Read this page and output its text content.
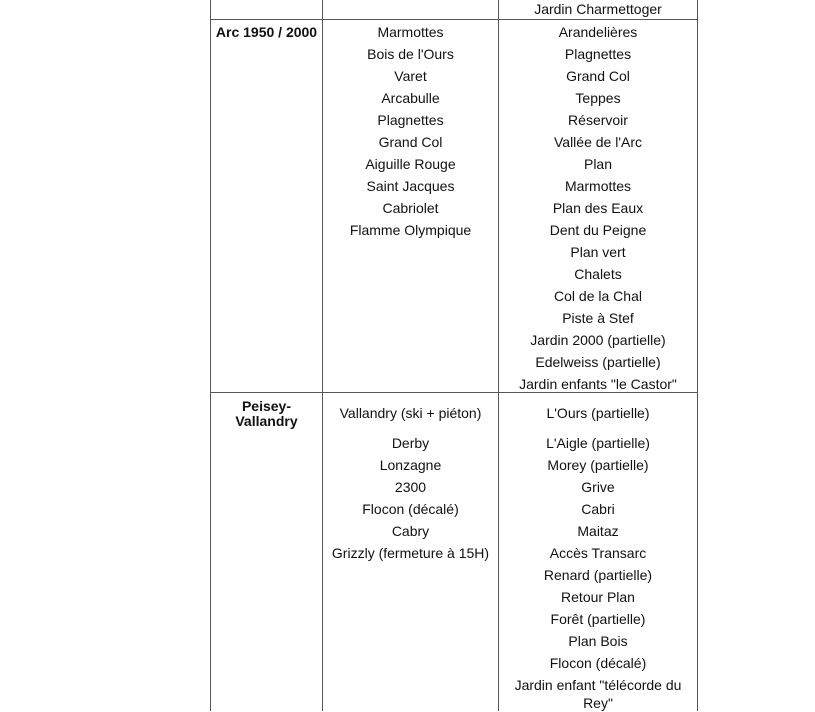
Jardin Charmettoger
Arc 1950 / 2000	Marmottes
Bois de l'Ours
Varet
Arcabulle
Plagnettes
Grand Col
Aiguille Rouge
Saint Jacques
Cabriolet
Flamme Olympique
Arandelières
Plagnettes
Grand Col
Teppes
Réservoir
Vallée de l'Arc
Plan
Marmottes
Plan des Eaux
Dent du Peigne
Plan vert
Chalets
Col de la Chal
Piste à Stef
Jardin 2000 (partielle)
Edelweiss (partielle)
Jardin enfants "le Castor"
Peisey-
Vallandry	Vallandry (ski + piéton)
Derby
Lonzagne
2300
Flocon (décalé)
Cabry
Grizzly (fermeture à 15H)
L'Ours (partielle)
L'Aigle (partielle)
Morey (partielle)
Grive
Cabri
Maitaz
Accès Transarc
Renard (partielle)
Retour Plan
Forêt (partielle)
Plan Bois
Flocon (décalé)
Jardin enfant "télécorde du
Rey"
